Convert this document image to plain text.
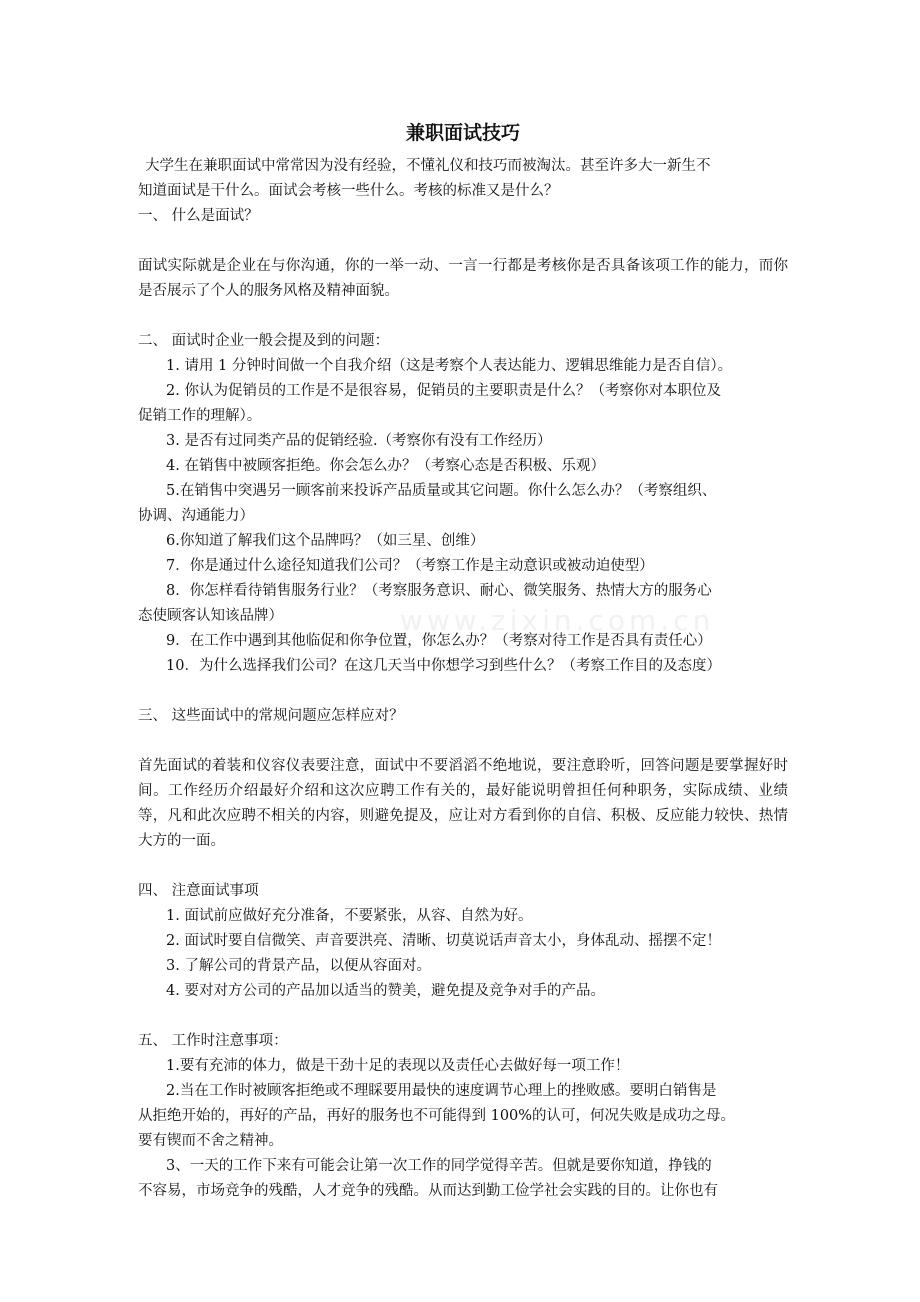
www.zixin.com.cn
兼职面试技巧

大学生在兼职面试中常常因为没有经验，不懂礼仪和技巧而被淘汰。甚至许多大一新生不

知道面试是干什么。面试会考核一些什么。考核的标准又是什么？

一、 什么是面试？

面试实际就是企业在与你沟通，你的一举一动、一言一行都是考核你是否具备该项工作的能力，而你是否展示了个人的服务风格及精神面貌。

二、 面试时企业一般会提及到的问题：

1. 请用 1 分钟时间做一个自我介绍（这是考察个人表达能力、逻辑思维能力是否自信）。

2. 你认为促销员的工作是不是很容易，促销员的主要职责是什么？（考察你对本职位及

促销工作的理解）。

3. 是否有过同类产品的促销经验.（考察你有没有工作经历）

4. 在销售中被顾客拒绝。你会怎么办？（考察心态是否积极、乐观）

5.在销售中突遇另一顾客前来投诉产品质量或其它问题。你什么怎么办？（考察组织、

协调、沟通能力）

6.你知道了解我们这个品牌吗？（如三星、创维）

7．你是通过什么途径知道我们公司？（考察工作是主动意识或被动迫使型）

8．你怎样看待销售服务行业？（考察服务意识、耐心、微笑服务、热情大方的服务心

态使顾客认知该品牌）

9．在工作中遇到其他临促和你争位置，你怎么办？（考察对待工作是否具有责任心）

10．为什么选择我们公司？在这几天当中你想学习到些什么？（考察工作目的及态度）

三、 这些面试中的常规问题应怎样应对？

首先面试的着装和仪容仪表要注意，面试中不要滔滔不绝地说，要注意聆听，回答问题是要掌握好时间。工作经历介绍最好介绍和这次应聘工作有关的，最好能说明曾担任何种职务，实际成绩、业绩等，凡和此次应聘不相关的内容，则避免提及，应让对方看到你的自信、积极、反应能力较快、热情大方的一面。

四、 注意面试事项

1. 面试前应做好充分准备，不要紧张，从容、自然为好。

2. 面试时要自信微笑、声音要洪亮、清晰、切莫说话声音太小，身体乱动、摇摆不定！

3. 了解公司的背景产品，以便从容面对。

4. 要对对方公司的产品加以适当的赞美，避免提及竞争对手的产品。

五、 工作时注意事项：

1.要有充沛的体力，做是干劲十足的表现以及责任心去做好每一项工作！

2.当在工作时被顾客拒绝或不理睬要用最快的速度调节心理上的挫败感。要明白销售是

从拒绝开始的，再好的产品，再好的服务也不可能得到 100%的认可，何况失败是成功之母。

要有锲而不舍之精神。

3、一天的工作下来有可能会让第一次工作的同学觉得辛苦。但就是要你知道，挣钱的

不容易，市场竞争的残酷，人才竞争的残酷。从而达到勤工俭学社会实践的目的。让你也有
